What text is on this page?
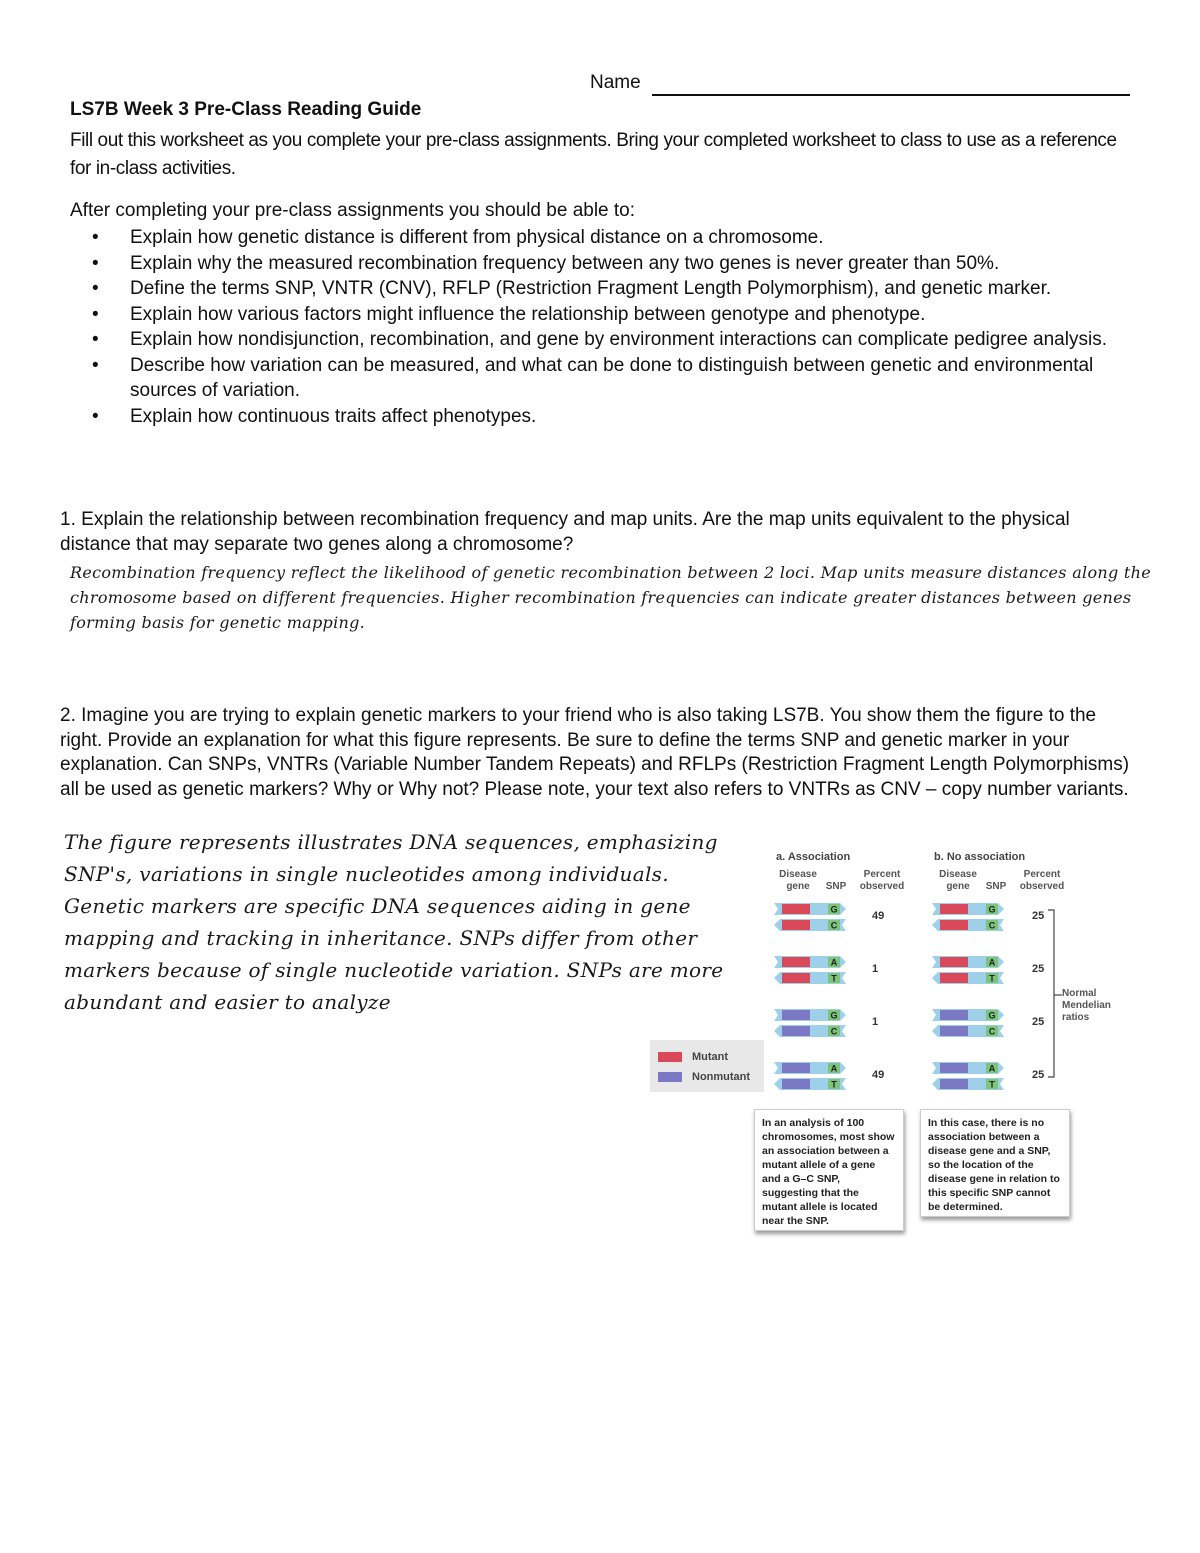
Name
LS7B Week 3 Pre-Class Reading Guide
Fill out this worksheet as you complete your pre-class assignments. Bring your completed worksheet to class to use as a reference for in-class activities.
After completing your pre-class assignments you should be able to:
• Explain how genetic distance is different from physical distance on a chromosome.
• Explain why the measured recombination frequency between any two genes is never greater than 50%.
• Define the terms SNP, VNTR (CNV), RFLP (Restriction Fragment Length Polymorphism), and genetic marker.
• Explain how various factors might influence the relationship between genotype and phenotype.
• Explain how nondisjunction, recombination, and gene by environment interactions can complicate pedigree analysis.
• Describe how variation can be measured, and what can be done to distinguish between genetic and environmental sources of variation.
• Explain how continuous traits affect phenotypes.
1. Explain the relationship between recombination frequency and map units. Are the map units equivalent to the physical distance that may separate two genes along a chromosome?
Recombination frequency reflect the likelihood of genetic recombination between 2 loci. Map units measure distances along the chromosome based on different frequencies. Higher recombination frequencies can indicate greater distances between genes forming basis for genetic mapping.
2. Imagine you are trying to explain genetic markers to your friend who is also taking LS7B. You show them the figure to the right. Provide an explanation for what this figure represents. Be sure to define the terms SNP and genetic marker in your explanation. Can SNPs, VNTRs (Variable Number Tandem Repeats) and RFLPs (Restriction Fragment Length Polymorphisms) all be used as genetic markers? Why or Why not? Please note, your text also refers to VNTRs as CNV – copy number variants.
The figure represents illustrates DNA sequences, emphasizing SNP's, variations in single nucleotides among individuals. Genetic markers are specific DNA sequences aiding in gene mapping and tracking in inheritance. SNPs differ from other markers because of single nucleotide variation. SNPs are more abundant and easier to analyze
a. Association
Disease gene	SNP
Percent observed
b. No association
Disease gene	SNP
Percent observed
G
C
49
A
T
1
G
C
1
A
T
49
G
C
25
A
T
25
G
C
25
A
T
25
Normal Mendelian ratios
Mutant
Nonmutant
In an analysis of 100 chromosomes, most show an association between a mutant allele of a gene and a G–C SNP, suggesting that the mutant allele is located near the SNP.
In this case, there is no association between a disease gene and a SNP, so the location of the disease gene in relation to this specific SNP cannot be determined.
